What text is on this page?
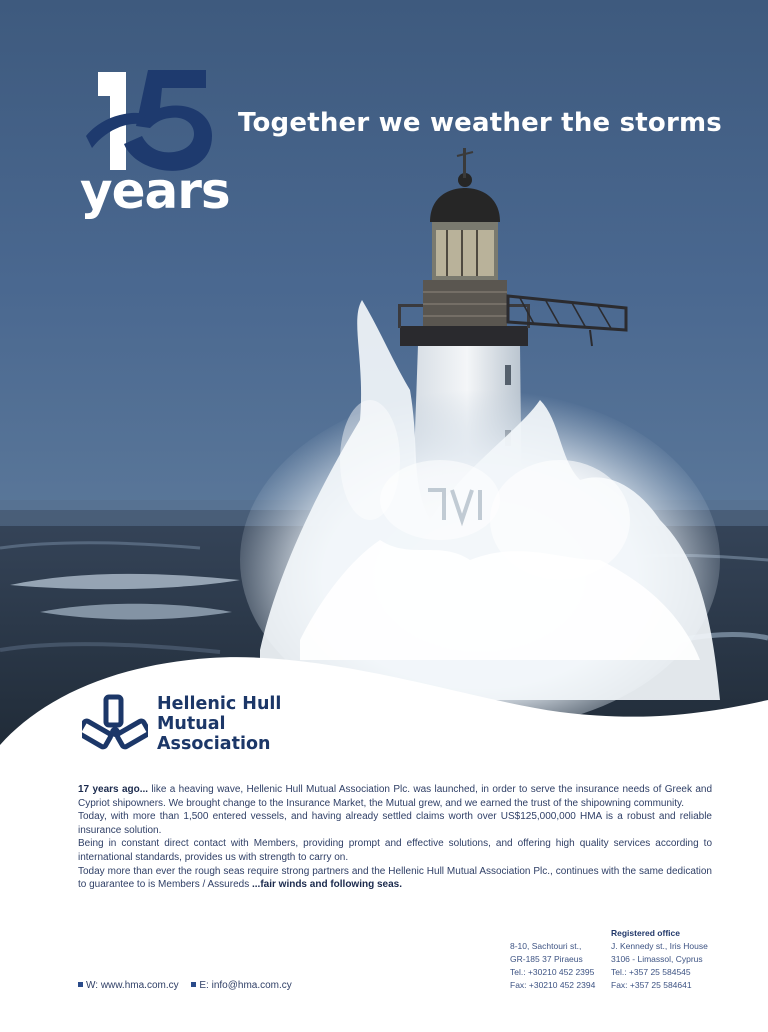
years
Together we weather the storms
Hellenic Hull
Mutual
Association

17 years ago... like a heaving wave, Hellenic Hull Mutual Association Plc. was launched, in order to serve the insurance needs of Greek and Cypriot shipowners. We brought change to the Insurance Market, the Mutual grew, and we earned the trust of the shipowning community.

Today, with more than 1,500 entered vessels, and having already settled claims worth over US$125,000,000 HMA is a robust and reliable insurance solution.

Being in constant direct contact with Members, providing prompt and effective solutions, and offering high quality services according to international standards, provides us with strength to carry on.

Today more than ever the rough seas require strong partners and the Hellenic Hull Mutual Association Plc., continues with the same dedication to guarantee to is Members / Assureds ...fair winds and following seas.

W: www.hma.com.cy E: info@hma.com.cy
8-10, Sachtouri st.,
GR-185 37 Piraeus
Tel.: +30210 452 2395
Fax: +30210 452 2394
Registered office
J. Kennedy st., Iris House
3106 - Limassol, Cyprus
Tel.: +357 25 584545
Fax: +357 25 584641
